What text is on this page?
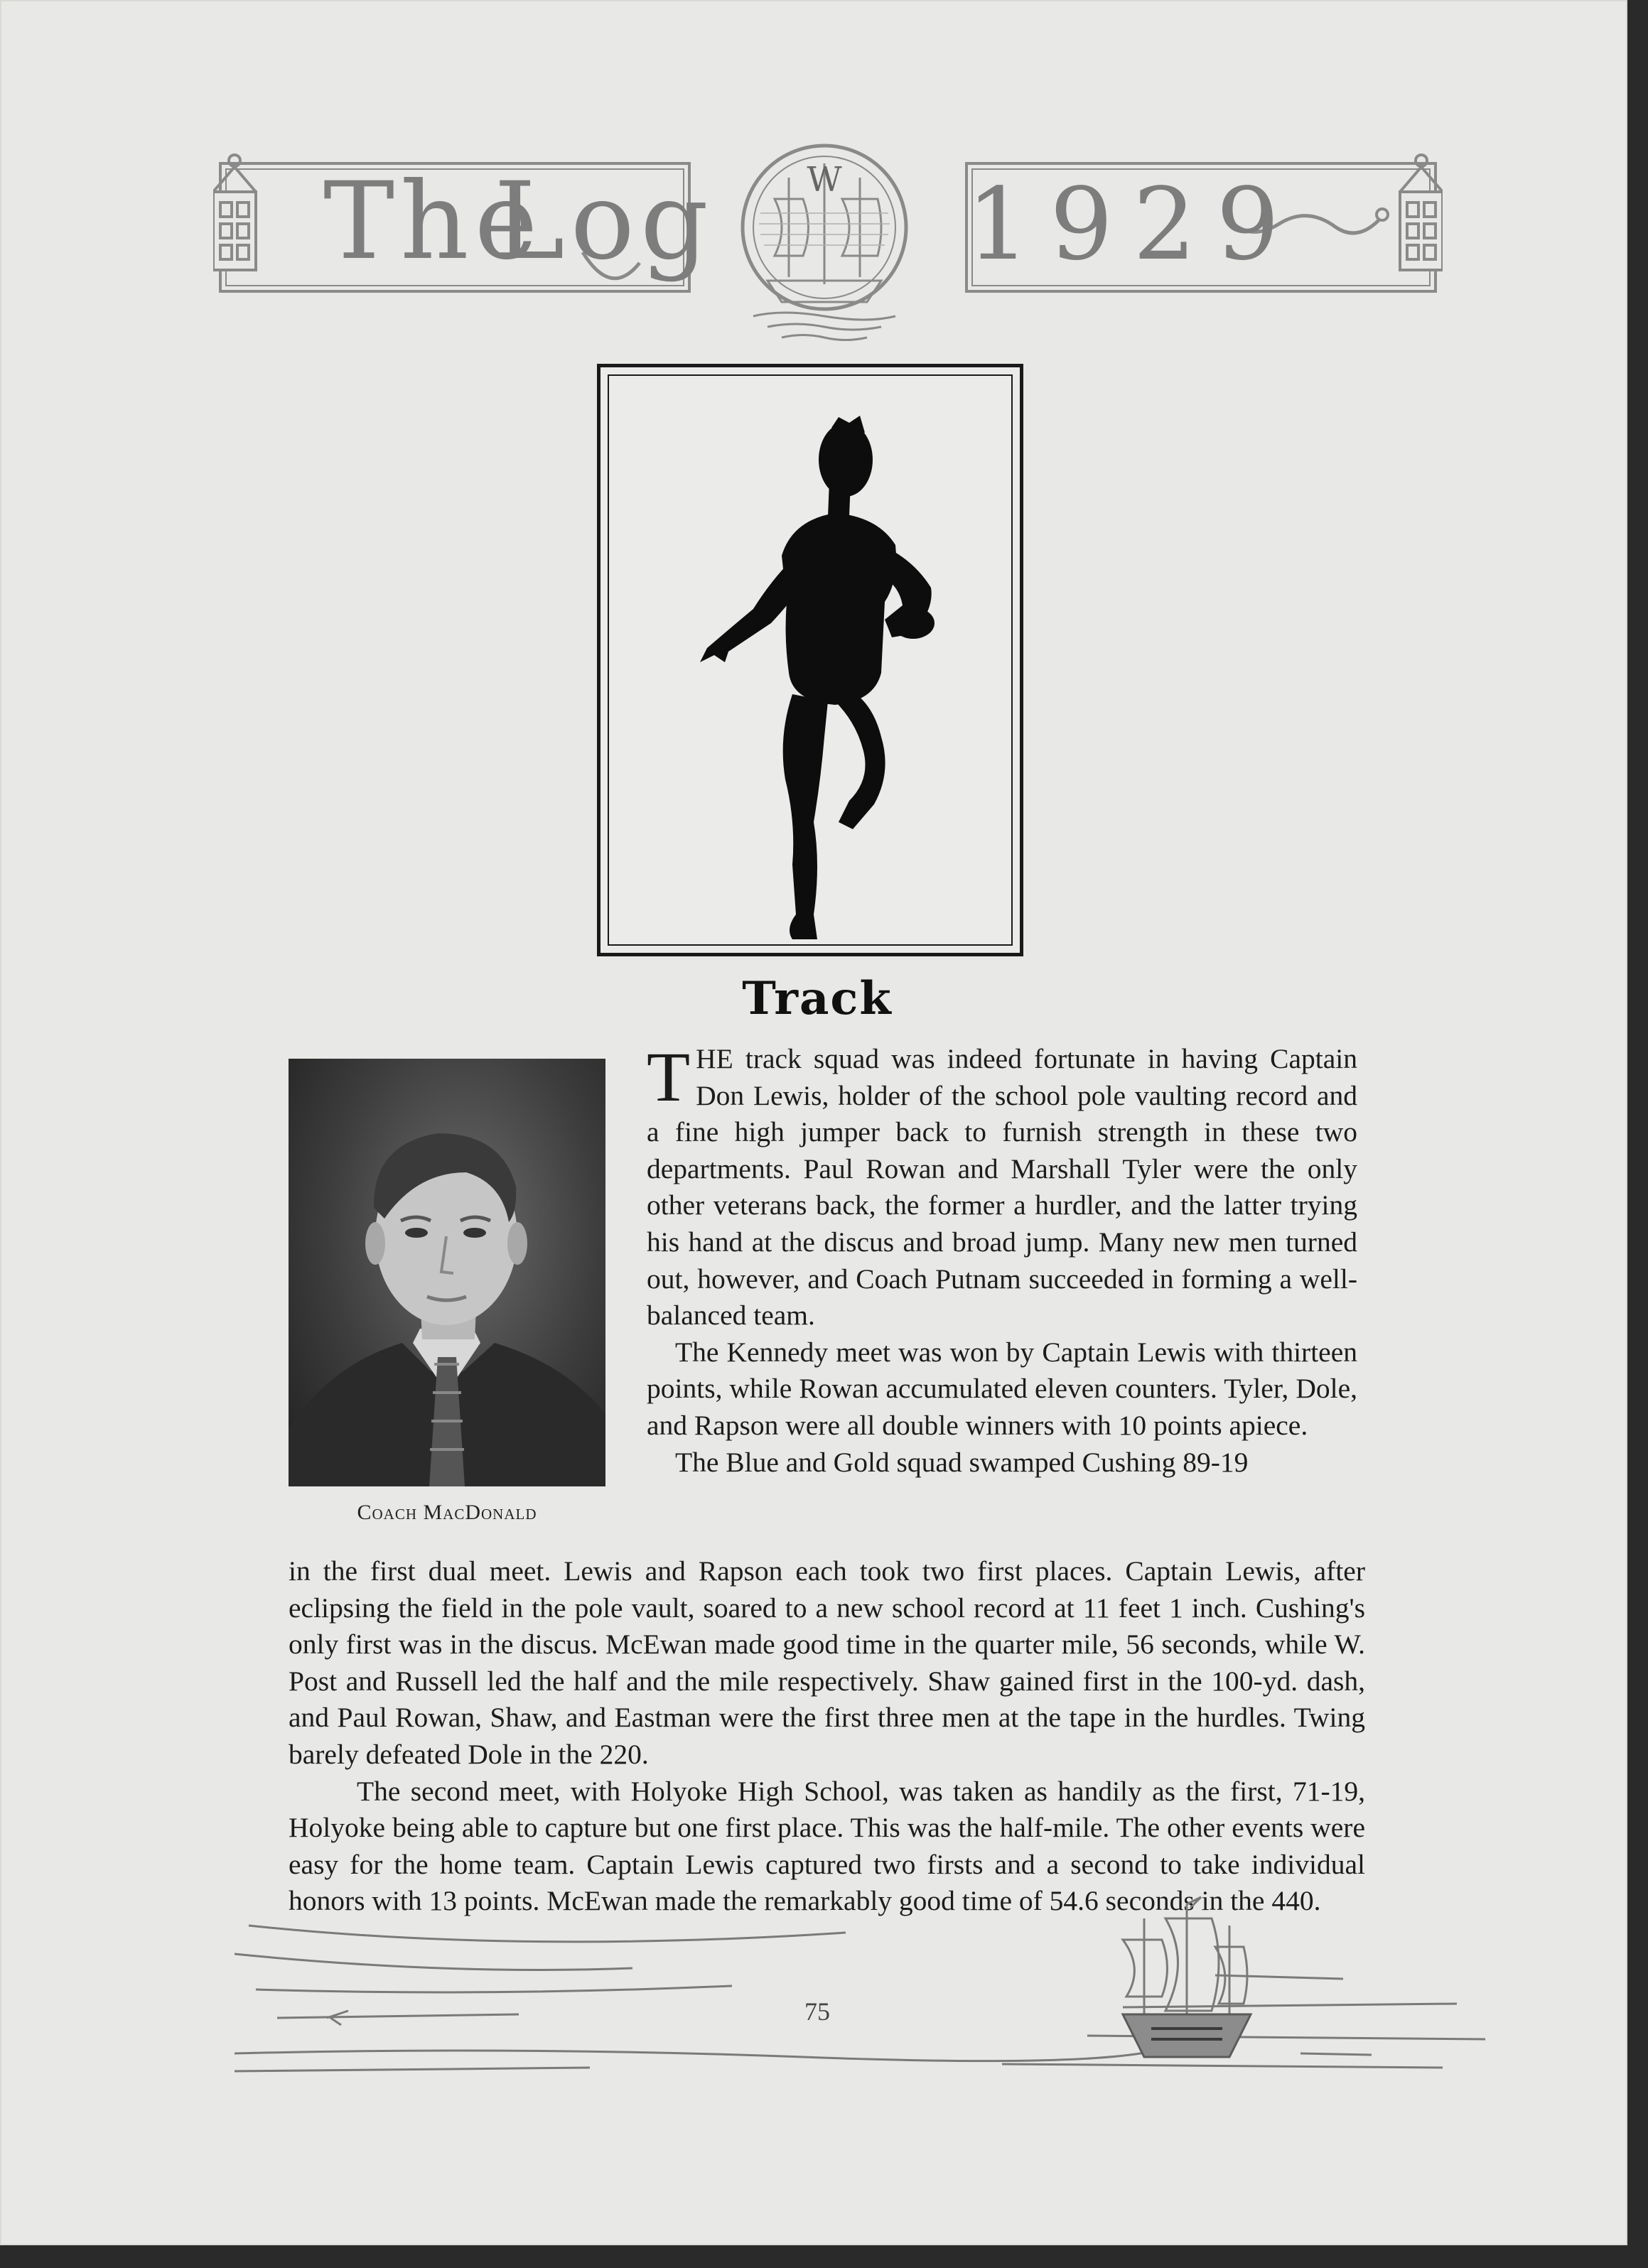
The
Log	W 1929
Track
Coach MacDonald

THE track squad was indeed fortunate in having Captain Don Lewis, holder of the school pole vaulting record and a fine high jumper back to furnish strength in these two departments. Paul Rowan and Marshall Tyler were the only other veterans back, the former a hurdler, and the latter trying his hand at the discus and broad jump. Many new men turned out, however, and Coach Putnam succeeded in forming a well-balanced team.

The Kennedy meet was won by Captain Lewis with thirteen points, while Rowan accumulated eleven counters. Tyler, Dole, and Rapson were all double winners with 10 points apiece.

The Blue and Gold squad swamped Cushing 89-19

in the first dual meet. Lewis and Rapson each took two first places. Captain Lewis, after eclipsing the field in the pole vault, soared to a new school record at 11 feet 1 inch. Cushing's only first was in the discus. McEwan made good time in the quarter mile, 56 seconds, while W. Post and Russell led the half and the mile respectively. Shaw gained first in the 100-yd. dash, and Paul Rowan, Shaw, and Eastman were the first three men at the tape in the hurdles. Twing barely defeated Dole in the 220.

The second meet, with Holyoke High School, was taken as handily as the first, 71-19, Holyoke being able to capture but one first place. This was the half-mile. The other events were easy for the home team. Captain Lewis captured two firsts and a second to take individual honors with 13 points. McEwan made the remarkably good time of 54.6 seconds in the 440.

75
